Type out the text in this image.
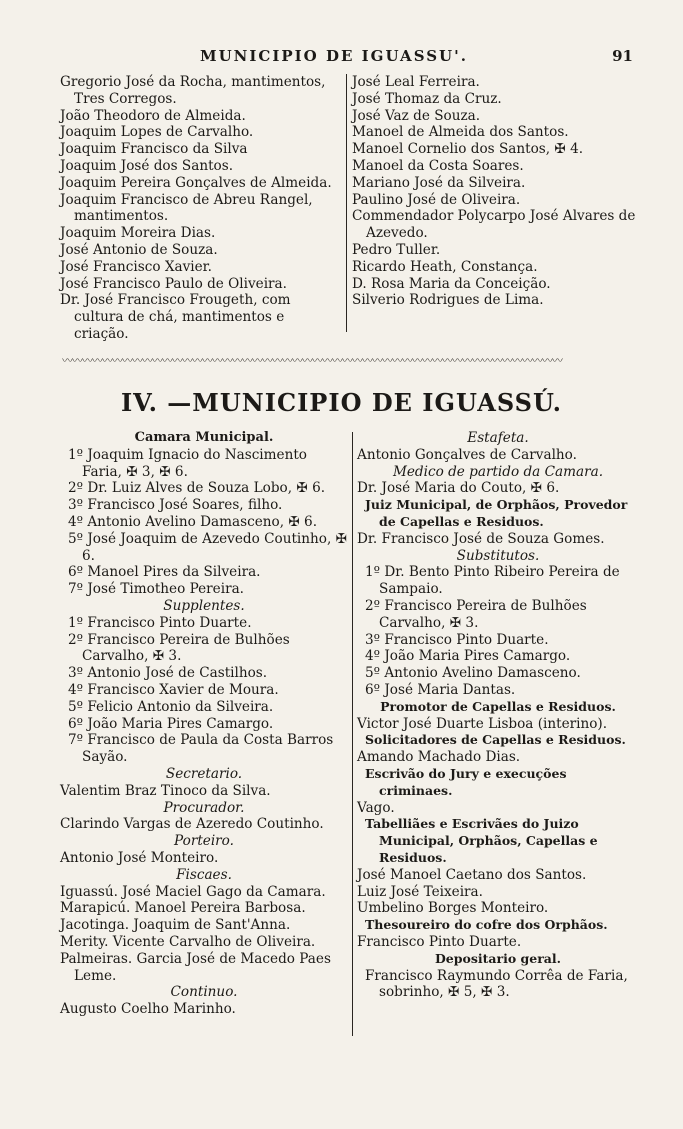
MUNICIPIO DE IGUASSU'.	91

Gregorio José da Rocha, mantimentos, Tres Corregos.

João Theodoro de Almeida.

Joaquim Lopes de Carvalho.

Joaquim Francisco da Silva

Joaquim José dos Santos.

Joaquim Pereira Gonçalves de Almeida.

Joaquim Francisco de Abreu Rangel, mantimentos.

Joaquim Moreira Dias.

José Antonio de Souza.

José Francisco Xavier.

José Francisco Paulo de Oliveira.

Dr. José Francisco Frougeth, com cultura de chá, mantimentos e criação.

José Leal Ferreira.

José Thomaz da Cruz.

José Vaz de Souza.

Manoel de Almeida dos Santos.

Manoel Cornelio dos Santos, ✠ 4.

Manoel da Costa Soares.

Mariano José da Silveira.

Paulino José de Oliveira.

Commendador Polycarpo José Alvares de Azevedo.

Pedro Tuller.

Ricardo Heath, Constança.

D. Rosa Maria da Conceição.

Silverio Rodrigues de Lima.

〰〰〰〰〰〰〰〰〰〰〰〰〰〰〰〰〰〰〰〰〰〰〰〰〰〰〰〰〰〰〰〰〰〰〰〰〰〰〰〰〰〰〰〰〰〰〰〰〰〰
IV. —MUNICIPIO DE IGUASSÚ.

Camara Municipal.

1º Joaquim Ignacio do Nascimento Faria, ✠ 3, ✠ 6.

2º Dr. Luiz Alves de Souza Lobo, ✠ 6.

3º Francisco José Soares, filho.

4º Antonio Avelino Damasceno, ✠ 6.

5º José Joaquim de Azevedo Coutinho, ✠ 6.

6º Manoel Pires da Silveira.

7º José Timotheo Pereira.

Supplentes.

1º Francisco Pinto Duarte.

2º Francisco Pereira de Bulhões Carvalho, ✠ 3.

3º Antonio José de Castilhos.

4º Francisco Xavier de Moura.

5º Felicio Antonio da Silveira.

6º João Maria Pires Camargo.

7º Francisco de Paula da Costa Barros Sayão.

Secretario.

Valentim Braz Tinoco da Silva.

Procurador.

Clarindo Vargas de Azeredo Coutinho.

Porteiro.

Antonio José Monteiro.

Fiscaes.

Iguassú. José Maciel Gago da Camara.

Marapicú. Manoel Pereira Barbosa.

Jacotinga. Joaquim de Sant'Anna.

Merity. Vicente Carvalho de Oliveira.

Palmeiras. Garcia José de Macedo Paes Leme.

Continuo.

Augusto Coelho Marinho.

Estafeta.

Antonio Gonçalves de Carvalho.

Medico de partido da Camara.

Dr. José Maria do Couto, ✠ 6.

Juiz Municipal, de Orphãos, Provedor de Capellas e Residuos.

Dr. Francisco José de Souza Gomes.

Substitutos.

1º Dr. Bento Pinto Ribeiro Pereira de Sampaio.

2º Francisco Pereira de Bulhões Carvalho, ✠ 3.

3º Francisco Pinto Duarte.

4º João Maria Pires Camargo.

5º Antonio Avelino Damasceno.

6º José Maria Dantas.

Promotor de Capellas e Residuos.

Victor José Duarte Lisboa (interino).

Solicitadores de Capellas e Residuos.

Amando Machado Dias.

Escrivão do Jury e execuções criminaes.

Vago.

Tabelliães e Escrivães do Juizo Municipal, Orphãos, Capellas e Residuos.

José Manoel Caetano dos Santos.

Luiz José Teixeira.

Umbelino Borges Monteiro.

Thesoureiro do cofre dos Orphãos.

Francisco Pinto Duarte.

Depositario geral.

Francisco Raymundo Corrêa de Faria, sobrinho, ✠ 5, ✠ 3.
